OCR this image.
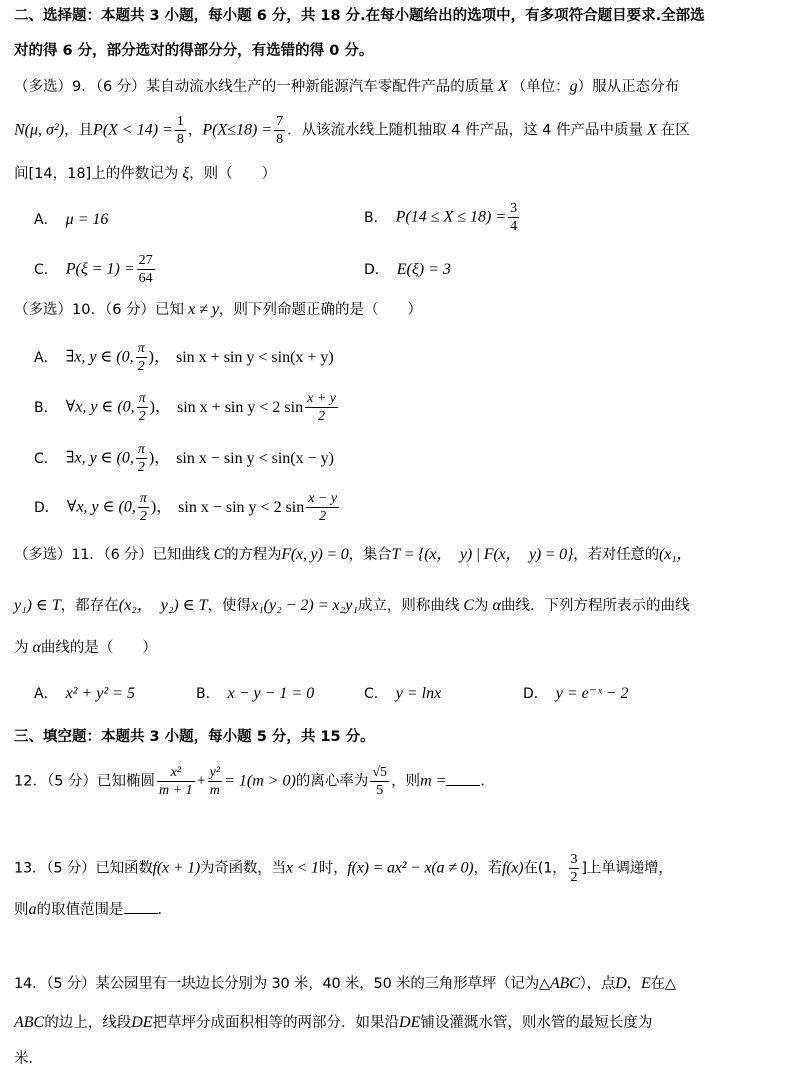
二、选择题：本题共 3 小题，每小题 6 分，共 18 分.在每小题给出的选项中，有多项符合题目要求.全部选
对的得 6 分，部分选对的得部分分，有选错的得 0 分。
（多选）9．（6 分）某自动流水线生产的一种新能源汽车零配件产品的质量 X （单位：g）服从正态分布
N(μ, σ²)，且$P(X < 14) = \frac{1}{8}$ ，$P(X\le 18) = \frac{7}{8}$ ．从该流水线上随机抽取 4 件产品，这 4 件产品中质量 X 在区
间[14，18]上的件数记为 ξ，则（　　）
A． μ = 16	B． $P(14 \le X \le 18) = \frac{3}{4}$
C． $P(\xi = 1) = \frac{27}{64}$	D． E(ξ) = 3
（多选）10．（6 分）已知 x ≠ y，则下列命题正确的是（　　）
A． ∃x, y ∈ (0, $\frac{\pi}{2}$ )， sin x + sin y < sin(x + y)
B． ∀x, y ∈ (0, $\frac{\pi}{2}$ )， sin x + sin y < 2 $\sin \frac{x + y}{2}$
C． ∃x, y ∈ (0, $\frac{\pi}{2}$ )， sin x − sin y < sin(x − y)
D． ∀x, y ∈ (0, $\frac{\pi}{2}$ )， sin x − sin y < 2 $\sin \frac{x - y}{2}$
（多选）11．（6 分）已知曲线 C的方程为F(x, y) = 0，集合T = {(x，　y) | F(x，　y) = 0}，若对任意的(x₁，
y₁) ∈ T，都存在(x₂，　y₂) ∈ T，使得x₁(y₂ − 2) = x₂y₁成立，则称曲线 C为 α曲线．下列方程所表示的曲线
为 α曲线的是（　　）
A． x² + y² = 5	B． x − y − 1 = 0	C． y = lnx	D． y = e⁻ˣ − 2
三、填空题：本题共 3 小题，每小题 5 分，共 15 分。
12．（5 分）已知椭圆 $\frac{\text{x²}}{m + 1} + \frac{\text{y²}}{m} = 1(m > 0)$的离心率为 $\frac{√5}{5}$ ，则m = ．
13．（5 分）已知函数f(x + 1)为奇函数，当x < 1时，f(x) = ax² − x(a ≠ 0)，若f(x)在(1， $\frac{3}{2}$ ]上单调递增，
则a的取值范围是 ．
14．（5 分）某公园里有一块边长分别为 30 米，40 米，50 米的三角形草坪（记为△ABC），点D，E在△
ABC的边上，线段DE把草坪分成面积相等的两部分．如果沿DE铺设灌溉水管，则水管的最短长度为
米．
